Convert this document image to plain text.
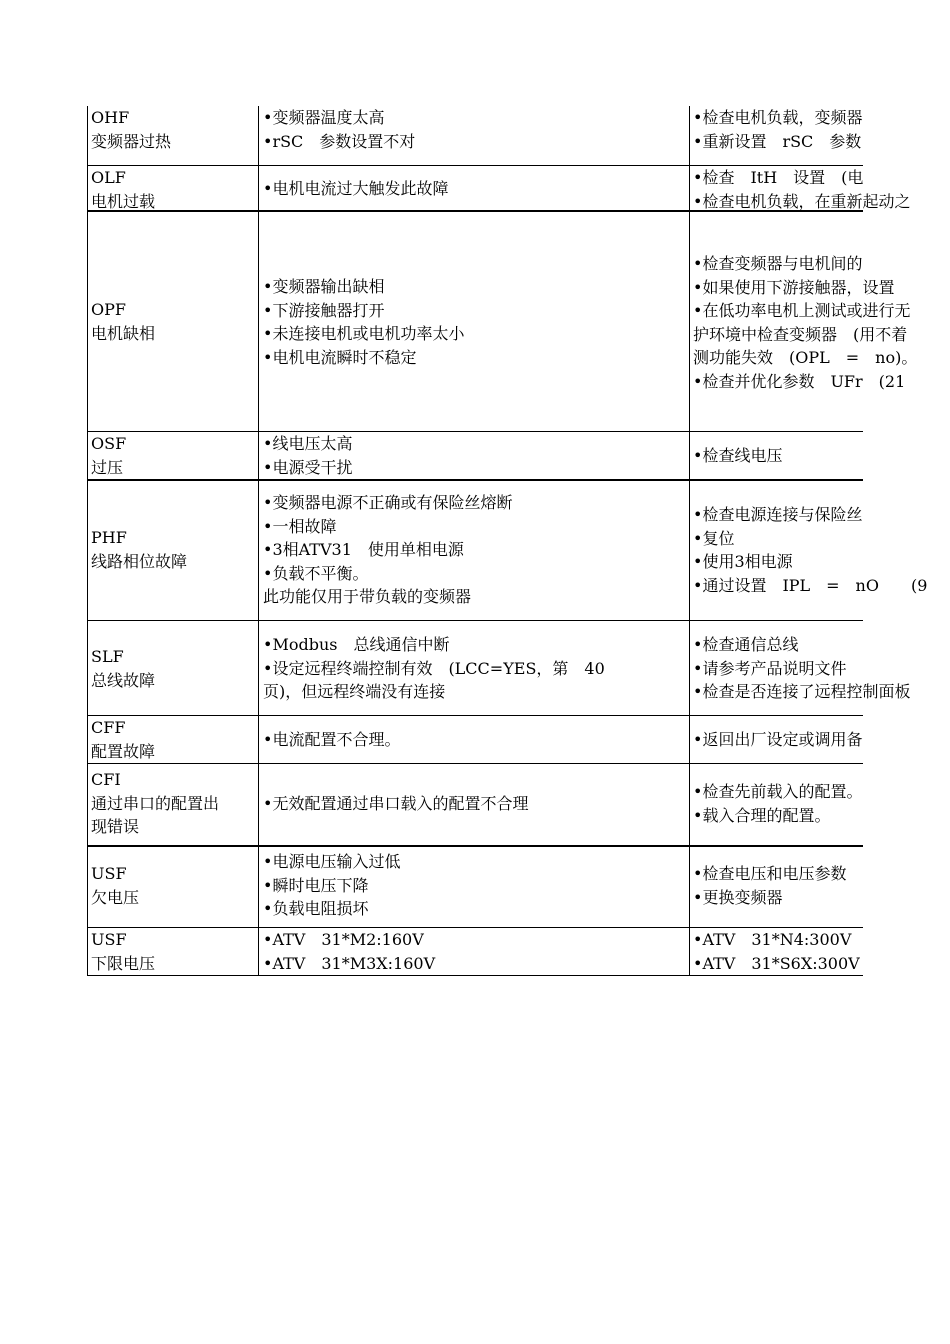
OHF
变频器过热
•变频器温度太高
•rSC　参数设置不对
•检查电机负载，变频器
•重新设置　rSC　参数
OLF
电机过载
•电机电流过大触发此故障
•检查　ItH　设置　(电
•检查电机负载，在重新起动之
OPF
电机缺相
•变频器输出缺相
•下游接触器打开
•未连接电机或电机功率太小
•电机电流瞬时不稳定
•检查变频器与电机间的
•如果使用下游接触器，设置
•在低功率电机上测试或进行无
护环境中检查变频器　(用不着
测功能失效　(OPL　=　no)。
•检查并优化参数　UFr　(21
OSF
过压
•线电压太高
•电源受干扰
•检查线电压
PHF
线路相位故障
•变频器电源不正确或有保险丝熔断
•一相故障
•3相ATV31　使用单相电源
•负载不平衡。
此功能仅用于带负载的变频器
•检查电源连接与保险丝
•复位
•使用3相电源
•通过设置　IPL　=　nO　　(9
SLF
总线故障
•Modbus　总线通信中断
•设定远程终端控制有效　(LCC=YES，第　40
页)，但远程终端没有连接
•检查通信总线
•请参考产品说明文件
•检查是否连接了远程控制面板
CFF
配置故障
•电流配置不合理。	•返回出厂设定或调用备
CFI
通过串口的配置出
现错误
•无效配置通过串口载入的配置不合理
•检查先前载入的配置。
•载入合理的配置。
USF
欠电压
•电源电压输入过低
•瞬时电压下降
•负载电阻损坏
•检查电压和电压参数
•更换变频器
USF
下限电压
•ATV　31*M2:160V
•ATV　31*M3X:160V
•ATV　31*N4:300V
•ATV　31*S6X:300V
